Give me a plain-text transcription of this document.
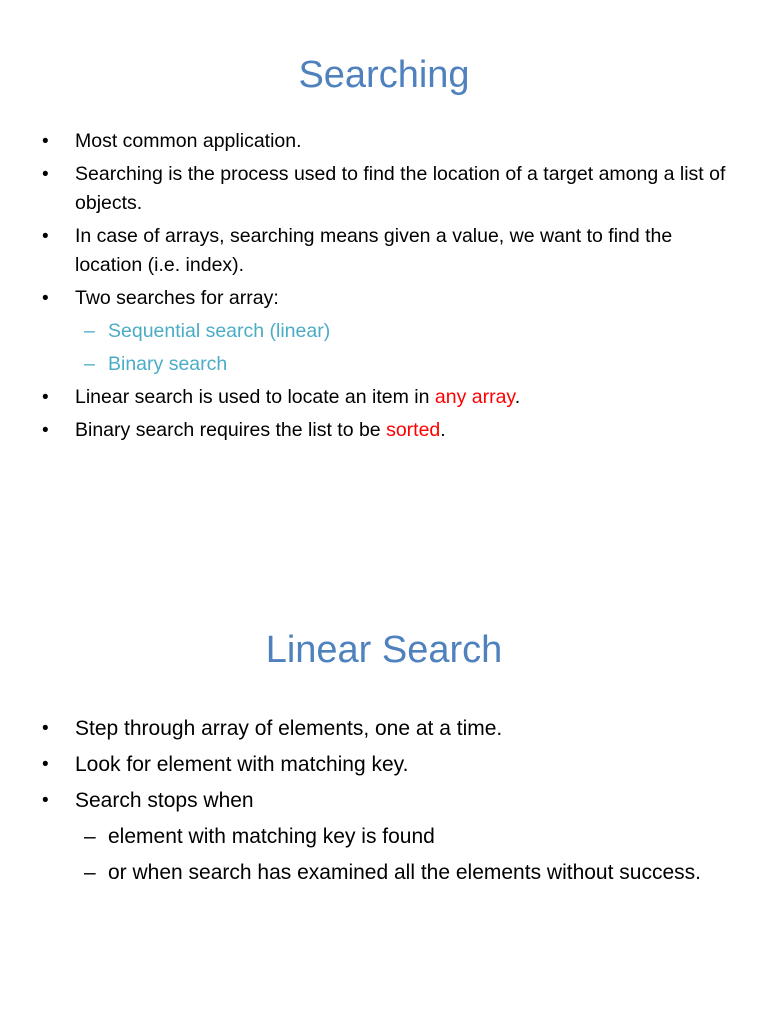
Searching
• Most common application.
• Searching is the process used to find the location of a target among a list of objects.
• In case of arrays, searching means given a value, we want to find the location (i.e. index).
• Two searches for array:
– Sequential search (linear)
– Binary search
• Linear search is used to locate an item in any array.
• Binary search requires the list to be sorted.
Linear Search
• Step through array of elements, one at a time.
• Look for element with matching key.
• Search stops when
– element with matching key is found
– or when search has examined all the elements without success.
